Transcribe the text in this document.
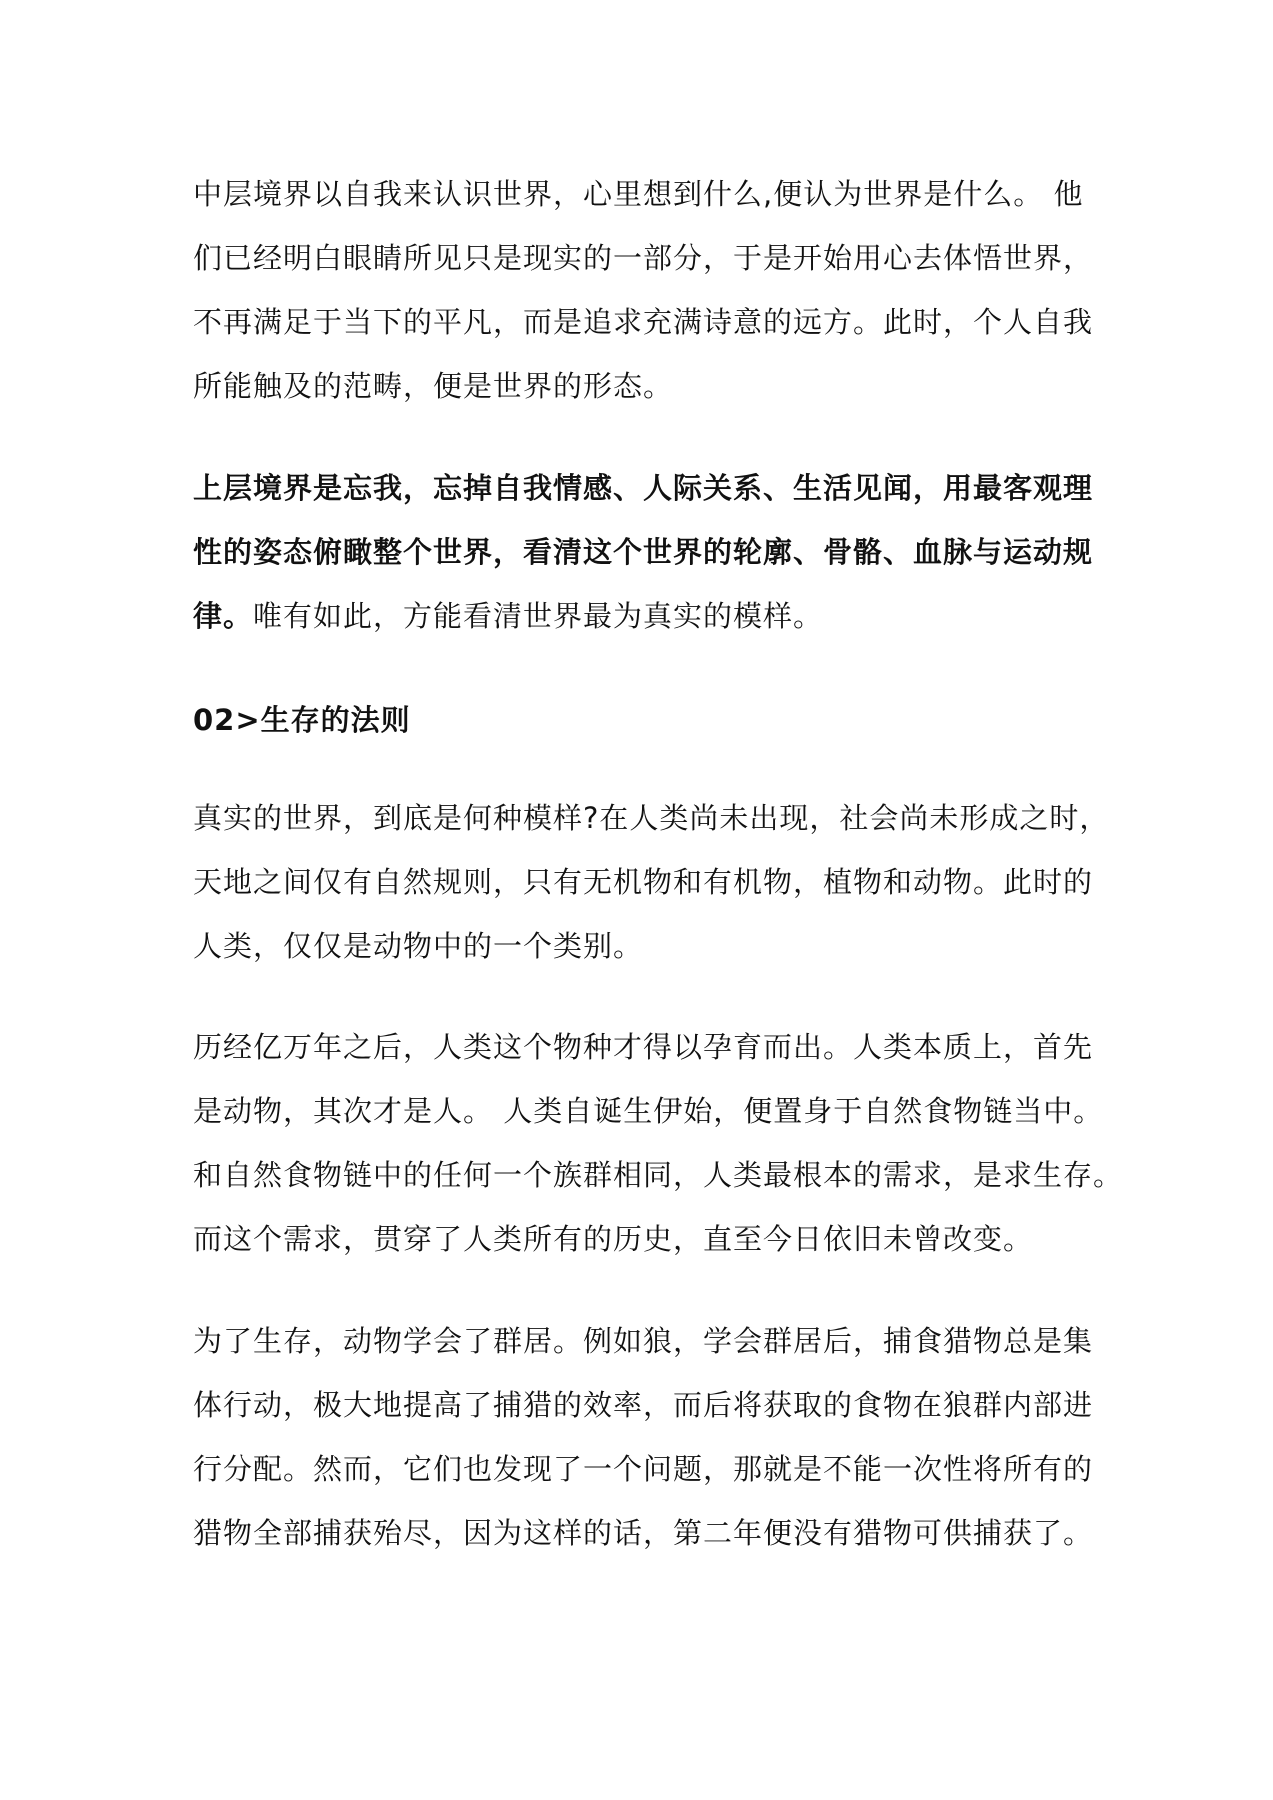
中层境界以自我来认识世界，心里想到什么,便认为世界是什么。 他
们已经明白眼睛所见只是现实的一部分，于是开始用心去体悟世界，
不再满足于当下的平凡，而是追求充满诗意的远方。此时，个人自我
所能触及的范畴，便是世界的形态。

上层境界是忘我，忘掉自我情感、人际关系、生活见闻，用最客观理
性的姿态俯瞰整个世界，看清这个世界的轮廓、骨骼、血脉与运动规
律。唯有如此，方能看清世界最为真实的模样。

02>生存的法则

真实的世界，到底是何种模样?在人类尚未出现，社会尚未形成之时，
天地之间仅有自然规则，只有无机物和有机物，植物和动物。此时的
人类，仅仅是动物中的一个类别。

历经亿万年之后，人类这个物种才得以孕育而出。人类本质上，首先
是动物，其次才是人。 人类自诞生伊始，便置身于自然食物链当中。
和自然食物链中的任何一个族群相同，人类最根本的需求，是求生存。
而这个需求，贯穿了人类所有的历史，直至今日依旧未曾改变。

为了生存，动物学会了群居。例如狼，学会群居后，捕食猎物总是集
体行动，极大地提高了捕猎的效率，而后将获取的食物在狼群内部进
行分配。然而，它们也发现了一个问题，那就是不能一次性将所有的
猎物全部捕获殆尽，因为这样的话，第二年便没有猎物可供捕获了。
